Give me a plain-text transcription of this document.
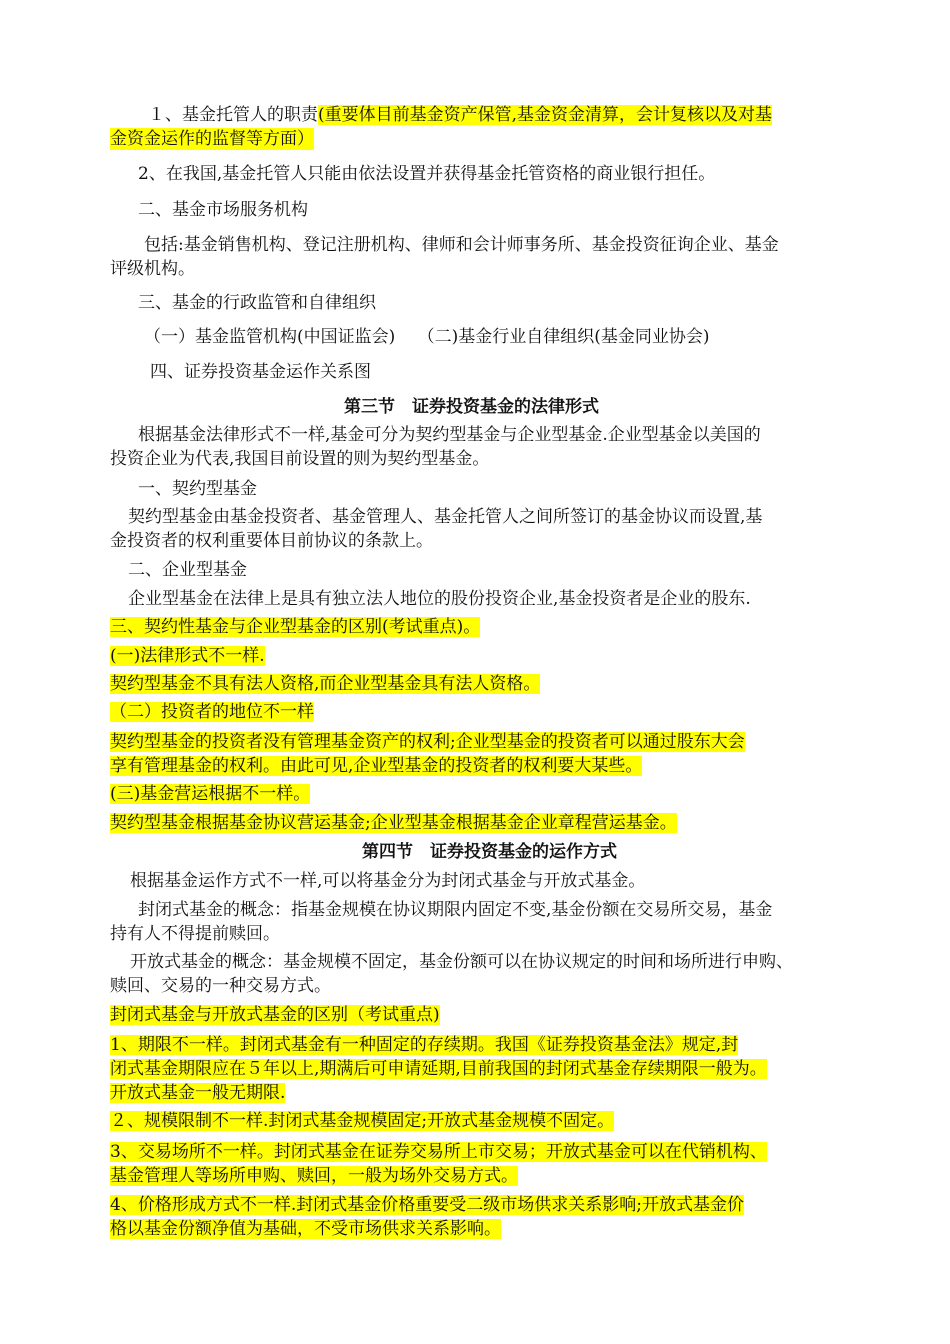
１、基金托管人的职责(重要体目前基金资产保管,基金资金清算，会计复核以及对基

金资金运作的监督等方面）

2、在我国,基金托管人只能由依法设置并获得基金托管资格的商业银行担任。

二、基金市场服务机构

包括:基金销售机构、登记注册机构、律师和会计师事务所、基金投资征询企业、基金

评级机构。

三、基金的行政监管和自律组织

（一）基金监管机构(中国证监会)　 （二)基金行业自律组织(基金同业协会)

四、证券投资基金运作关系图

第三节　证券投资基金的法律形式

根据基金法律形式不一样,基金可分为契约型基金与企业型基金.企业型基金以美国的

投资企业为代表,我国目前设置的则为契约型基金。

一、契约型基金

契约型基金由基金投资者、基金管理人、基金托管人之间所签订的基金协议而设置,基

金投资者的权利重要体目前协议的条款上。

二、企业型基金

企业型基金在法律上是具有独立法人地位的股份投资企业,基金投资者是企业的股东.

三、契约性基金与企业型基金的区别(考试重点)。

(一)法律形式不一样.

契约型基金不具有法人资格,而企业型基金具有法人资格。

（二）投资者的地位不一样

契约型基金的投资者没有管理基金资产的权利;企业型基金的投资者可以通过股东大会

享有管理基金的权利。由此可见,企业型基金的投资者的权利要大某些。

(三)基金营运根据不一样。

契约型基金根据基金协议营运基金;企业型基金根据基金企业章程营运基金。

第四节　证券投资基金的运作方式

根据基金运作方式不一样,可以将基金分为封闭式基金与开放式基金。

封闭式基金的概念：指基金规模在协议期限内固定不变,基金份额在交易所交易，基金

持有人不得提前赎回。

开放式基金的概念：基金规模不固定，基金份额可以在协议规定的时间和场所进行申购、

赎回、交易的一种交易方式。

封闭式基金与开放式基金的区别（考试重点)

1、期限不一样。封闭式基金有一种固定的存续期。我国《证券投资基金法》规定,封

闭式基金期限应在５年以上,期满后可申请延期,目前我国的封闭式基金存续期限一般为。

开放式基金一般无期限.

２、规模限制不一样.封闭式基金规模固定;开放式基金规模不固定。

3、交易场所不一样。封闭式基金在证券交易所上市交易；开放式基金可以在代销机构、

基金管理人等场所申购、赎回，一般为场外交易方式。

4、价格形成方式不一样.封闭式基金价格重要受二级市场供求关系影响;开放式基金价

格以基金份额净值为基础，不受市场供求关系影响。
